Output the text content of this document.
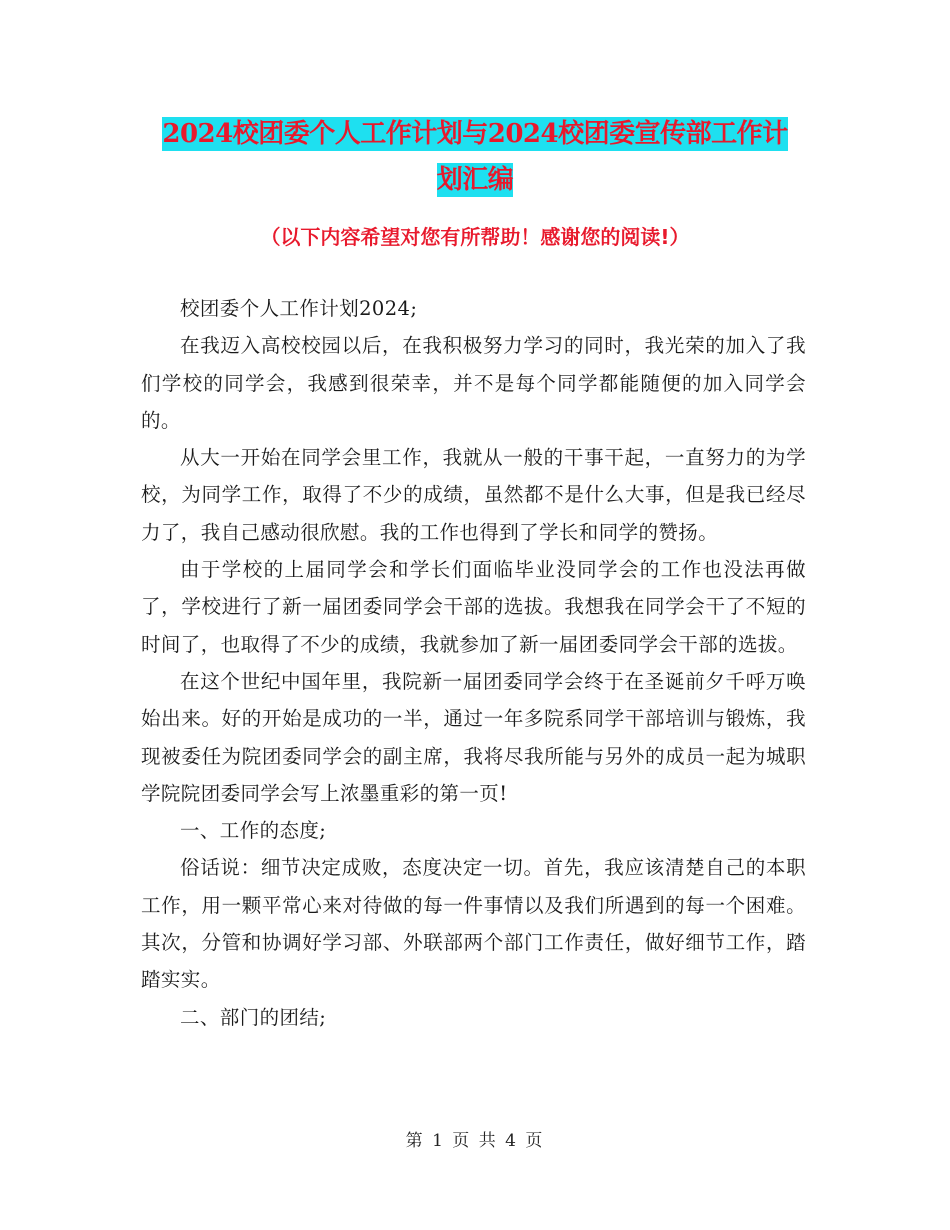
2024校团委个人工作计划与2024校团委宣传部工作计
划汇编
（以下内容希望对您有所帮助！感谢您的阅读!）

校团委个人工作计划2024;

在我迈入高校校园以后，在我积极努力学习的同时，我光荣的加入了我们学校的同学会，我感到很荣幸，并不是每个同学都能随便的加入同学会的。

从大一开始在同学会里工作，我就从一般的干事干起，一直努力的为学校，为同学工作，取得了不少的成绩，虽然都不是什么大事，但是我已经尽力了，我自己感动很欣慰。我的工作也得到了学长和同学的赞扬。

由于学校的上届同学会和学长们面临毕业没同学会的工作也没法再做了，学校进行了新一届团委同学会干部的选拔。我想我在同学会干了不短的时间了，也取得了不少的成绩，我就参加了新一届团委同学会干部的选拔。

在这个世纪中国年里，我院新一届团委同学会终于在圣诞前夕千呼万唤始出来。好的开始是成功的一半，通过一年多院系同学干部培训与锻炼，我现被委任为院团委同学会的副主席，我将尽我所能与另外的成员一起为城职学院院团委同学会写上浓墨重彩的第一页!

一、工作的态度;

俗话说：细节决定成败，态度决定一切。首先，我应该清楚自己的本职工作，用一颗平常心来对待做的每一件事情以及我们所遇到的每一个困难。其次，分管和协调好学习部、外联部两个部门工作责任，做好细节工作，踏踏实实。

二、部门的团结;

第 1 页 共 4 页
